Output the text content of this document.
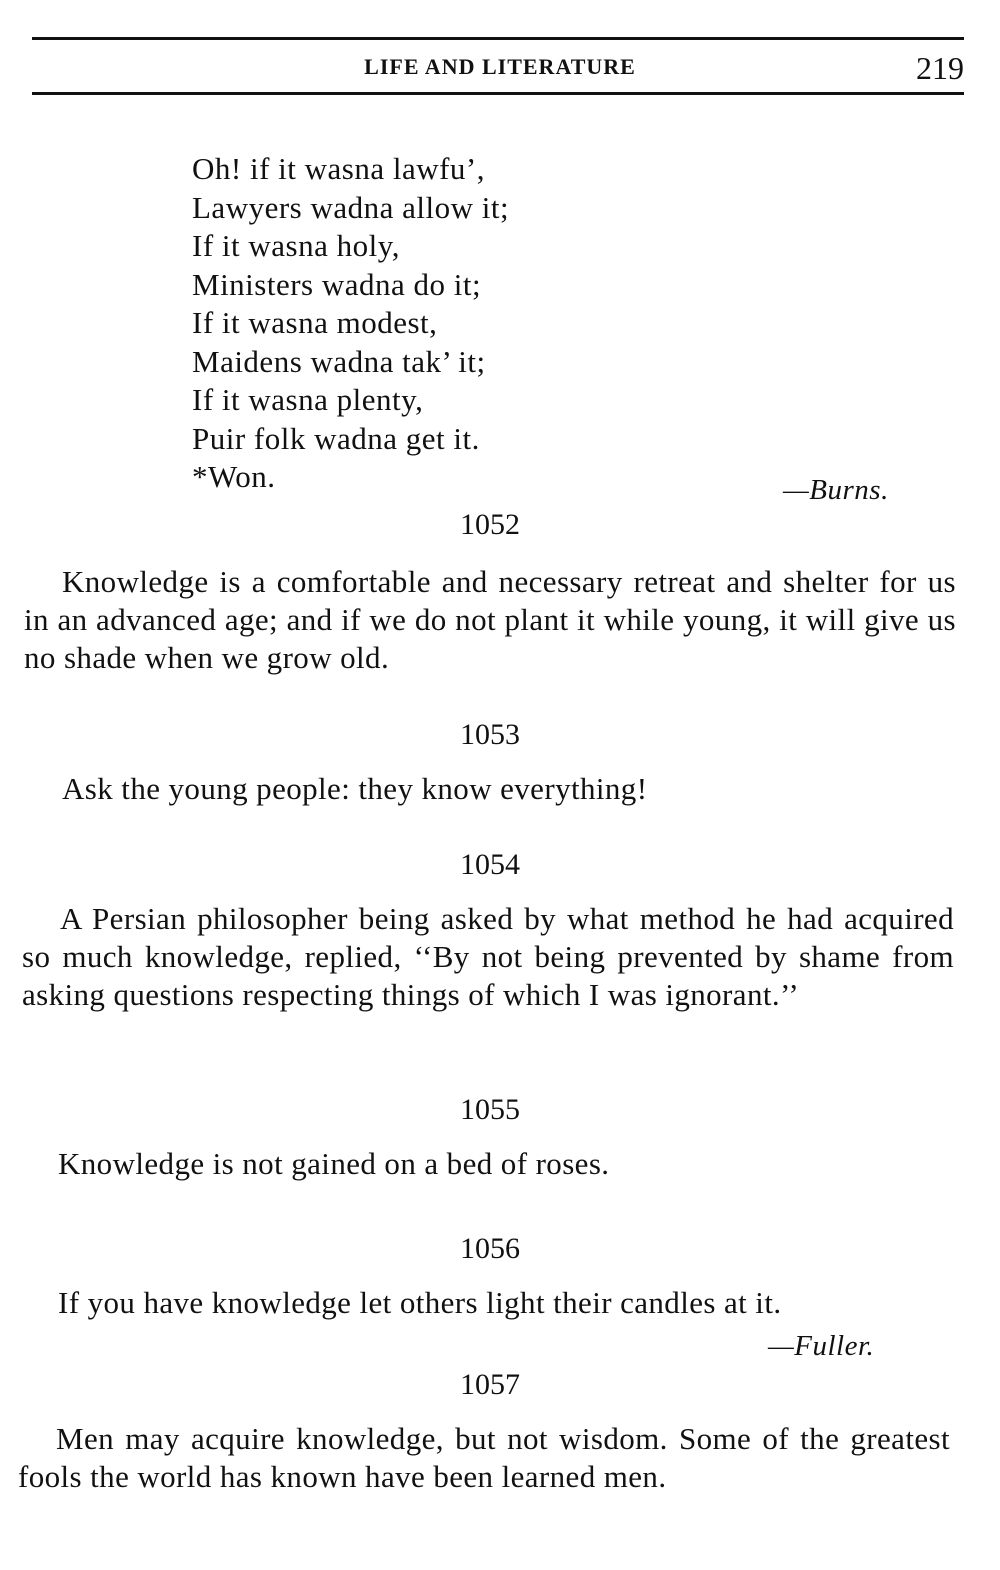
LIFE AND LITERATURE	219
Oh! if it wasna lawfu’,
Lawyers wadna allow it;
If it wasna holy,
Ministers wadna do it;
If it wasna modest,
Maidens wadna tak’ it;
If it wasna plenty,
Puir folk wadna get it.
*Won.	—Burns.
1052
Knowledge is a comfortable and necessary retreat and shelter for us in an advanced age; and if we do not plant it while young, it will give us no shade when we grow old.
1053
Ask the young people: they know everything!
1054
A Persian philosopher being asked by what method he had acquired so much knowledge, replied, ‘‘By not being prevented by shame from asking questions respecting things of which I was ignorant.’’
1055
Knowledge is not gained on a bed of roses.
1056
If you have knowledge let others light their candles at it.
—Fuller.
1057
Men may acquire knowledge, but not wisdom. Some of the greatest fools the world has known have been learned men.
